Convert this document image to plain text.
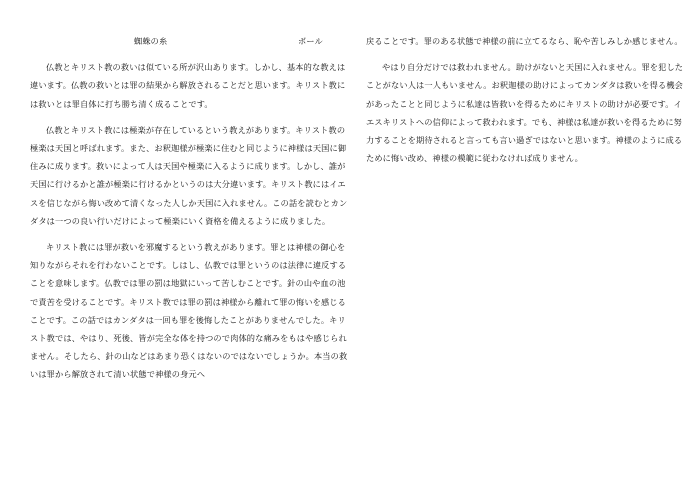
蜘蛛の糸	ボール

仏教とキリスト教の救いは似ている所が沢山あります。しかし、基本的な教えは違います。仏教の救いとは罪の結果から解放されることだと思います。キリスト教には救いとは罪自体に打ち勝ち清く成ることです。

仏教とキリスト教には極楽が存在しているという教えがあります。キリスト教の極楽は天国と呼ばれます。また、お釈迦様が極楽に住むと同じように神様は天国に御住みに成ります。救いによって人は天国や極楽に入るように成ります。しかし、誰が天国に行けるかと誰が極楽に行けるかというのは大分違います。キリスト教にはイエスを信じながら悔い改めて清くなった人しか天国に入れません。この話を読むとカンダタは一つの良い行いだけによって極楽にいく資格を備えるように成りました。

キリスト教には罪が救いを邪魔するという教えがあります。罪とは神様の御心を知りながらそれを行わないことです。しはし、仏教では罪というのは法律に違反することを意味します。仏教では罪の罰は地獄にいって苦しむことです。針の山や血の池で責苦を受けることです。キリスト教では罪の罰は神様から離れて罪の悔いを感じることです。この話ではカンダタは一回も罪を後悔したことがありませんでした。キリスト教では、やはり、死後、皆が完全な体を持つので肉体的な痛みをもはや感じられません。そしたら、針の山などはあまり恐くはないのではないでしょうか。本当の救いは罪から解放されて清い状態で神様の身元へ

戻ることです。罪のある状態で神様の前に立てるなら、恥や苦しみしか感じません。

やはり自分だけでは救われません。助けがないと天国に入れません。罪を犯したことがない人は一人もいません。お釈迦様の助けによってカンダタは救いを得る機会があったことと同じように私達は皆救いを得るためにキリストの助けが必要です。イエスキリストへの信仰によって救われます。でも、神様は私達が救いを得るために努力することを期待されると言っても言い過ぎではないと思います。神様のように成るために悔い改め、神様の模範に従わなければ成りません。
